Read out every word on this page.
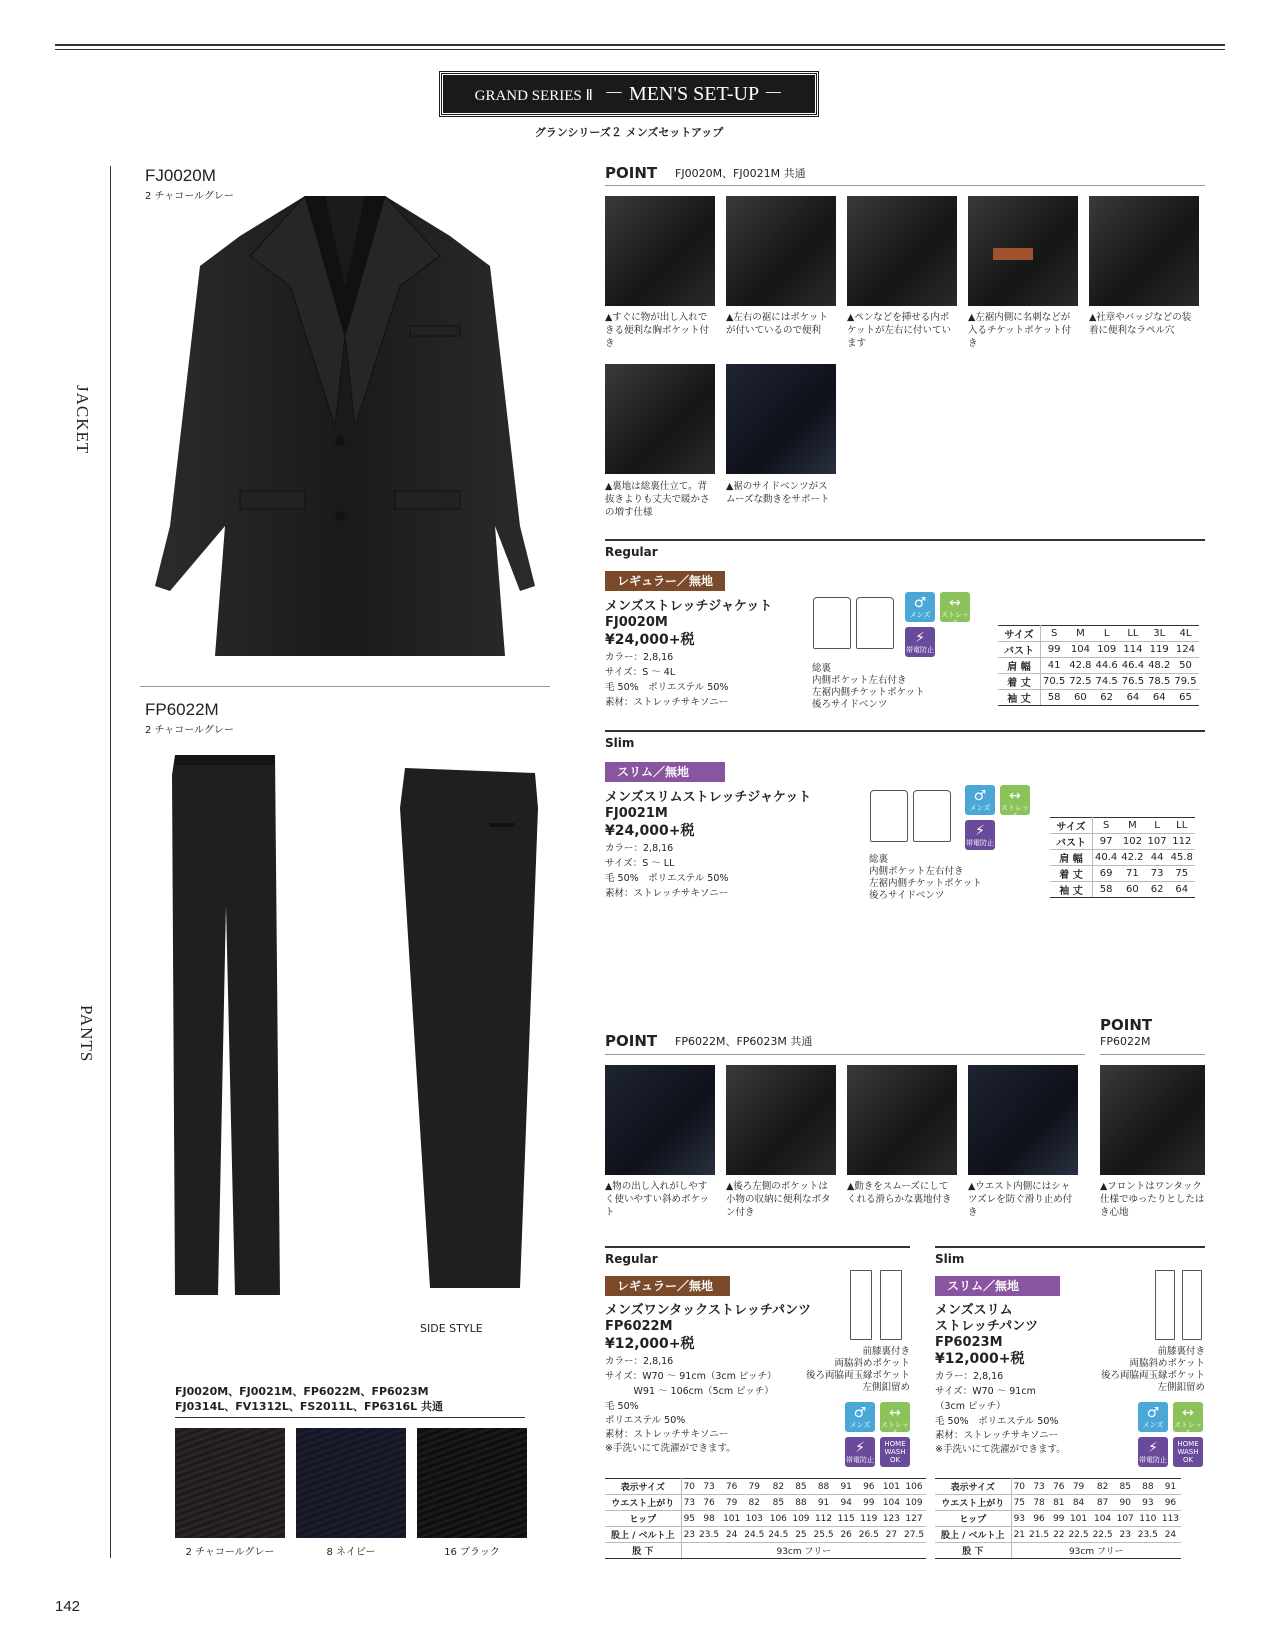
GRAND SERIES Ⅱ － MEN'S SET-UP －
グランシリーズ２ メンズセットアップ
JACKET
PANTS
FJ0020M
2 チャコールグレー
FP6022M
2 チャコールグレー
SIDE STYLE
FJ0020M、FJ0021M、FP6022M、FP6023M
FJ0314L、FV1312L、FS2011L、FP6316L 共通
2 チャコールグレー	8 ネイビー	16 ブラック
142
POINT FJ0020M、FJ0021M 共通
▲すぐに物が出し入れできる便利な胸ポケット付き
▲左右の裾にはポケットが付いているので便利
▲ペンなどを挿せる内ポケットが左右に付いています
▲左裾内側に名刺などが入るチケットポケット付き
▲社章やバッジなどの装着に便利なラペル穴
▲裏地は総裏仕立て。背抜きよりも丈夫で暖かさの増す仕様
▲裾のサイドベンツがスムーズな動きをサポート
Regular
レギュラー／無地
メンズストレッチジャケット
FJ0020M
¥24,000+税
カラー：2,8,16
サイズ：S ～ 4L
毛 50%　ポリエステル 50%
素材：ストレッチサキソニー
総裏
内側ポケット左右付き
左裾内側チケットポケット
後ろサイドベンツ
♂
メンズ
↔
ストレッチ
⚡
帯電防止
サイズ	S	M	L	LL	3L	4L
バスト	99	104	109	114	119	124
肩 幅	41	42.8	44.6	46.4	48.2	50
着 丈	70.5	72.5	74.5	76.5	78.5	79.5
袖 丈	58	60	62	64	64	65
Slim
スリム／無地
メンズスリムストレッチジャケット
FJ0021M
¥24,000+税
カラー：2,8,16
サイズ：S ～ LL
毛 50%　ポリエステル 50%
素材：ストレッチサキソニー
総裏
内側ポケット左右付き
左裾内側チケットポケット
後ろサイドベンツ
♂
メンズ
↔
ストレッチ
⚡
帯電防止
サイズ	S	M	L	LL
バスト	97	102	107	112
肩 幅	40.4	42.2	44	45.8
着 丈	69	71	73	75
袖 丈	58	60	62	64
POINT FP6022M、FP6023M 共通
POINT
FP6022M
▲物の出し入れがしやすく使いやすい斜めポケット
▲後ろ左側のポケットは小物の収納に便利なボタン付き
▲動きをスムーズにしてくれる滑らかな裏地付き
▲ウエスト内側にはシャツズレを防ぐ滑り止め付き
▲フロントはワンタック仕様でゆったりとしたはき心地
Regular
レギュラー／無地
メンズワンタックストレッチパンツ
FP6022M
¥12,000+税
カラー：2,8,16
サイズ：W70 ～ 91cm（3cm ピッチ）
　　　W91 ～ 106cm（5cm ピッチ）
毛 50%
ポリエステル 50%
素材：ストレッチサキソニー
※手洗いにて洗濯ができます。
前膝裏付き
両脇斜めポケット
後ろ両脇両玉縁ポケット
左側釦留め
♂
メンズ
↔
ストレッチ
⚡
帯電防止
HOME WASH OK
表示サイズ	70	73	76	79	82	85	88	91	96	101	106
ウエスト上がり	73	76	79	82	85	88	91	94	99	104	109
ヒップ	95	98	101	103	106	109	112	115	119	123	127
股上 / ベルト上	23	23.5	24	24.5	24.5	25	25.5	26	26.5	27	27.5
股 下	93cm フリー										
Slim
スリム／無地
メンズスリム
ストレッチパンツ
FP6023M
¥12,000+税
カラー：2,8,16
サイズ：W70 ～ 91cm
（3cm ピッチ）
毛 50%　ポリエステル 50%
素材：ストレッチサキソニー
※手洗いにて洗濯ができます。
前膝裏付き
両脇斜めポケット
後ろ両脇両玉縁ポケット
左側釦留め
♂
メンズ
↔
ストレッチ
⚡
帯電防止
HOME WASH OK
表示サイズ	70	73	76	79	82	85	88	91
ウエスト上がり	75	78	81	84	87	90	93	96
ヒップ	93	96	99	101	104	107	110	113
股上 / ベルト上	21	21.5	22	22.5	22.5	23	23.5	24
股 下	93cm フリー							
